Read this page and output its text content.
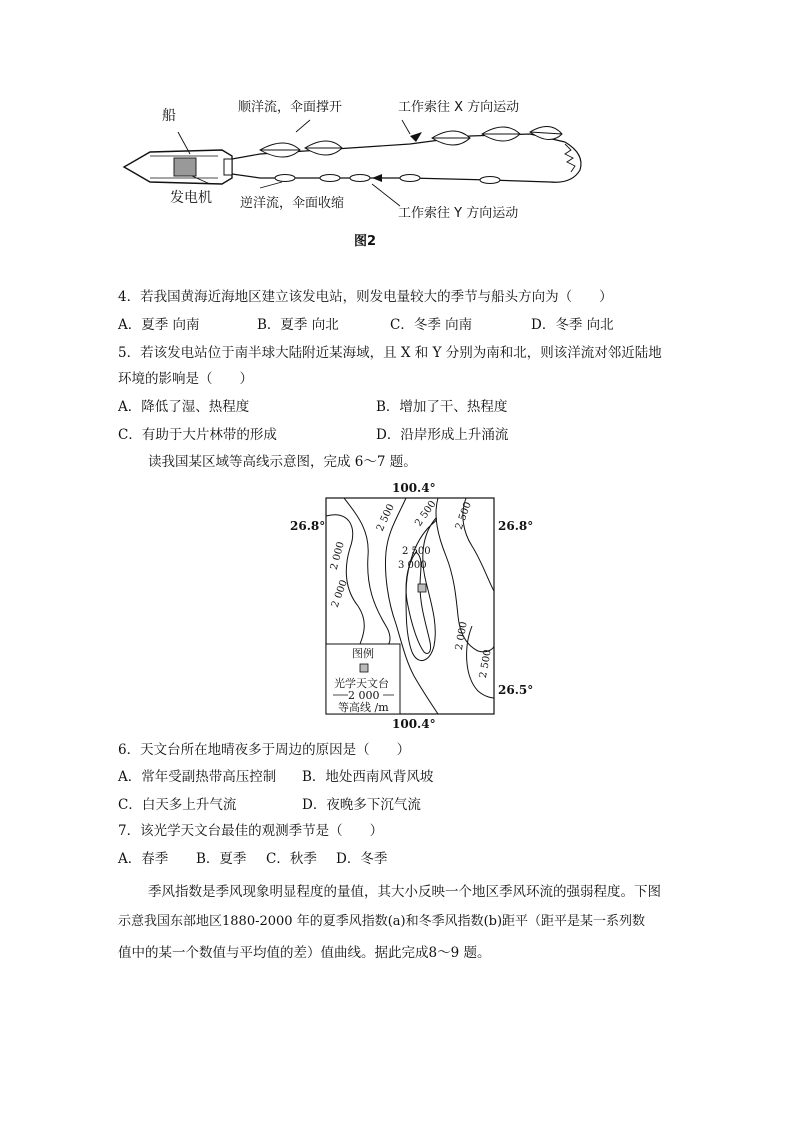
船
发电机
顺洋流，伞面撑开
逆洋流，伞面收缩
工作索往 X 方向运动
工作索往 Y 方向运动
图2
4．若我国黄海近海地区建立该发电站，则发电量较大的季节与船头方向为（　　）
A．夏季 向南	B．夏季 向北	C．冬季 向南	D．冬季 向北
5．若该发电站位于南半球大陆附近某海域，且 X 和 Y 分别为南和北，则该洋流对邻近陆地
环境的影响是（　　）
A．降低了湿、热程度	B．增加了干、热程度
C．有助于大片林带的形成	D．沿岸形成上升涌流
读我国某区域等高线示意图，完成 6～7 题。
100.4°
100.4°
26.8°	26.8°
26.5°
2 500	2 500
2 000
2 500
2 500
3 000
2 000
2 500
2 000
图例
光学天文台
2 000
等高线 /m
6．天文台所在地晴夜多于周边的原因是（　　）
A．常年受副热带高压控制 B．地处西南风背风坡
C．白天多上升气流	D．夜晚多下沉气流
7．该光学天文台最佳的观测季节是（　　）
A．春季 B．夏季 C．秋季 D．冬季
季风指数是季风现象明显程度的量值，其大小反映一个地区季风环流的强弱程度。下图
示意我国东部地区1880-2000 年的夏季风指数(a)和冬季风指数(b)距平（距平是某一系列数
值中的某一个数值与平均值的差）值曲线。据此完成8～9 题。
